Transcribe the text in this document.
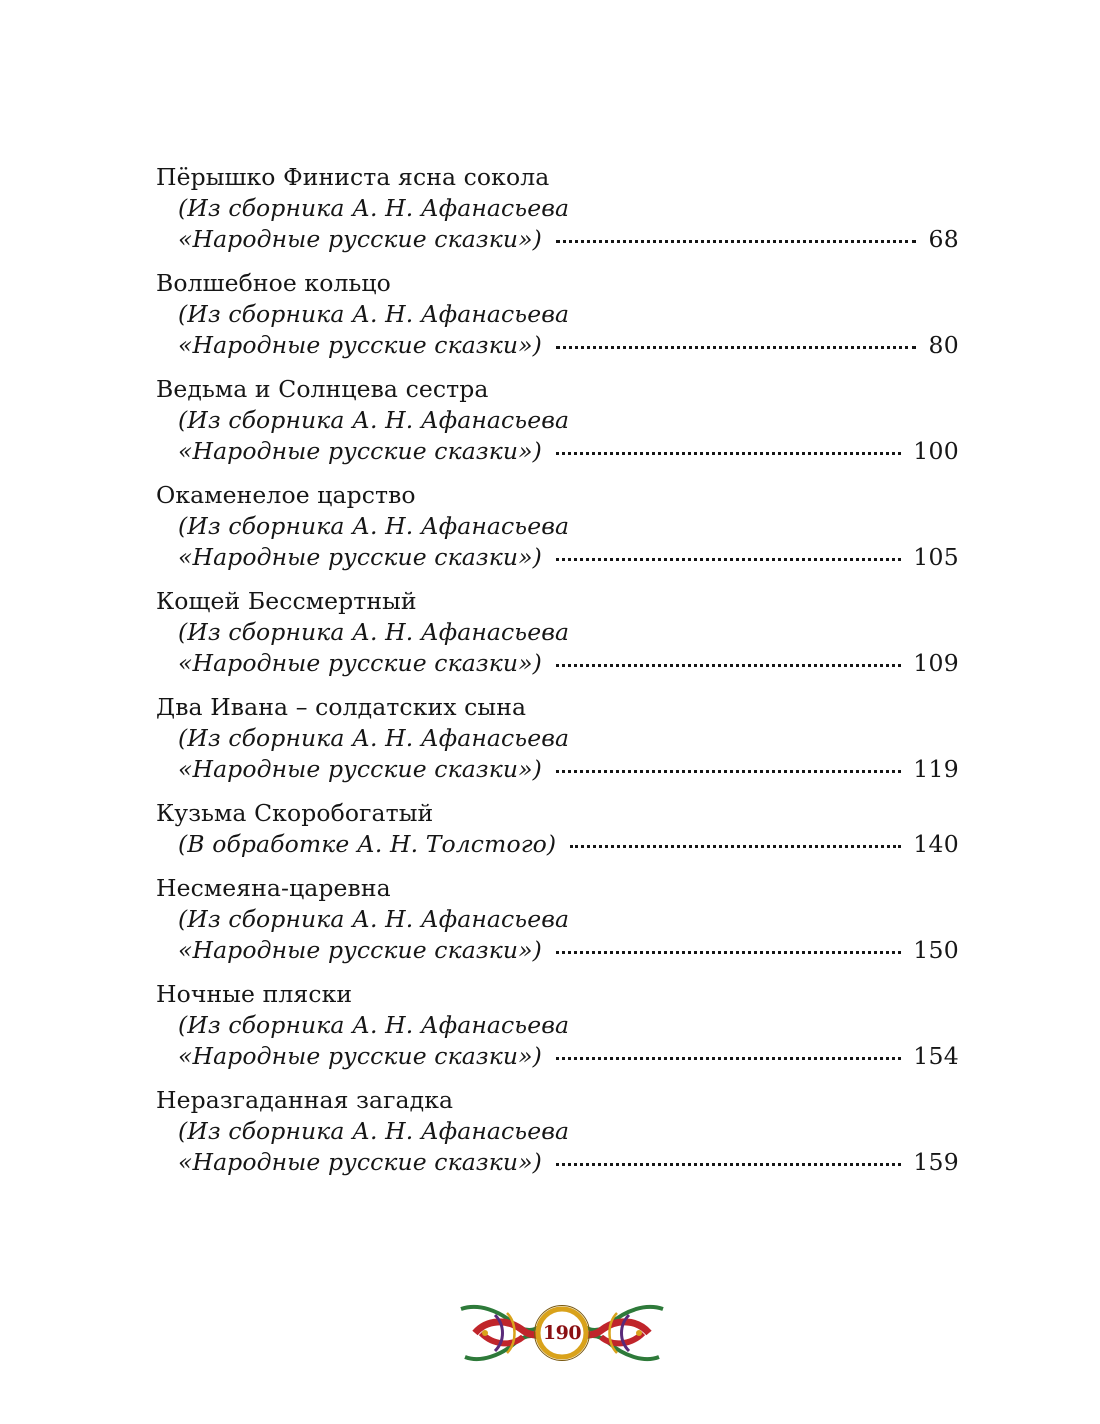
Пёрышко Финиста ясна сокола
(Из сборника А. Н. Афанасьева
«Народные русские сказки»)	68
Волшебное кольцо
(Из сборника А. Н. Афанасьева
«Народные русские сказки»)	80
Ведьма и Солнцева сестра
(Из сборника А. Н. Афанасьева
«Народные русские сказки»)	100
Окаменелое царство
(Из сборника А. Н. Афанасьева
«Народные русские сказки»)	105
Кощей Бессмертный
(Из сборника А. Н. Афанасьева
«Народные русские сказки»)	109
Два Ивана – солдатских сына
(Из сборника А. Н. Афанасьева
«Народные русские сказки»)	119
Кузьма Скоробогатый
(В обработке А. Н. Толстого)	140
Несмеяна-царевна
(Из сборника А. Н. Афанасьева
«Народные русские сказки»)	150
Ночные пляски
(Из сборника А. Н. Афанасьева
«Народные русские сказки»)	154
Неразгаданная загадка
(Из сборника А. Н. Афанасьева
«Народные русские сказки»)	159
190
